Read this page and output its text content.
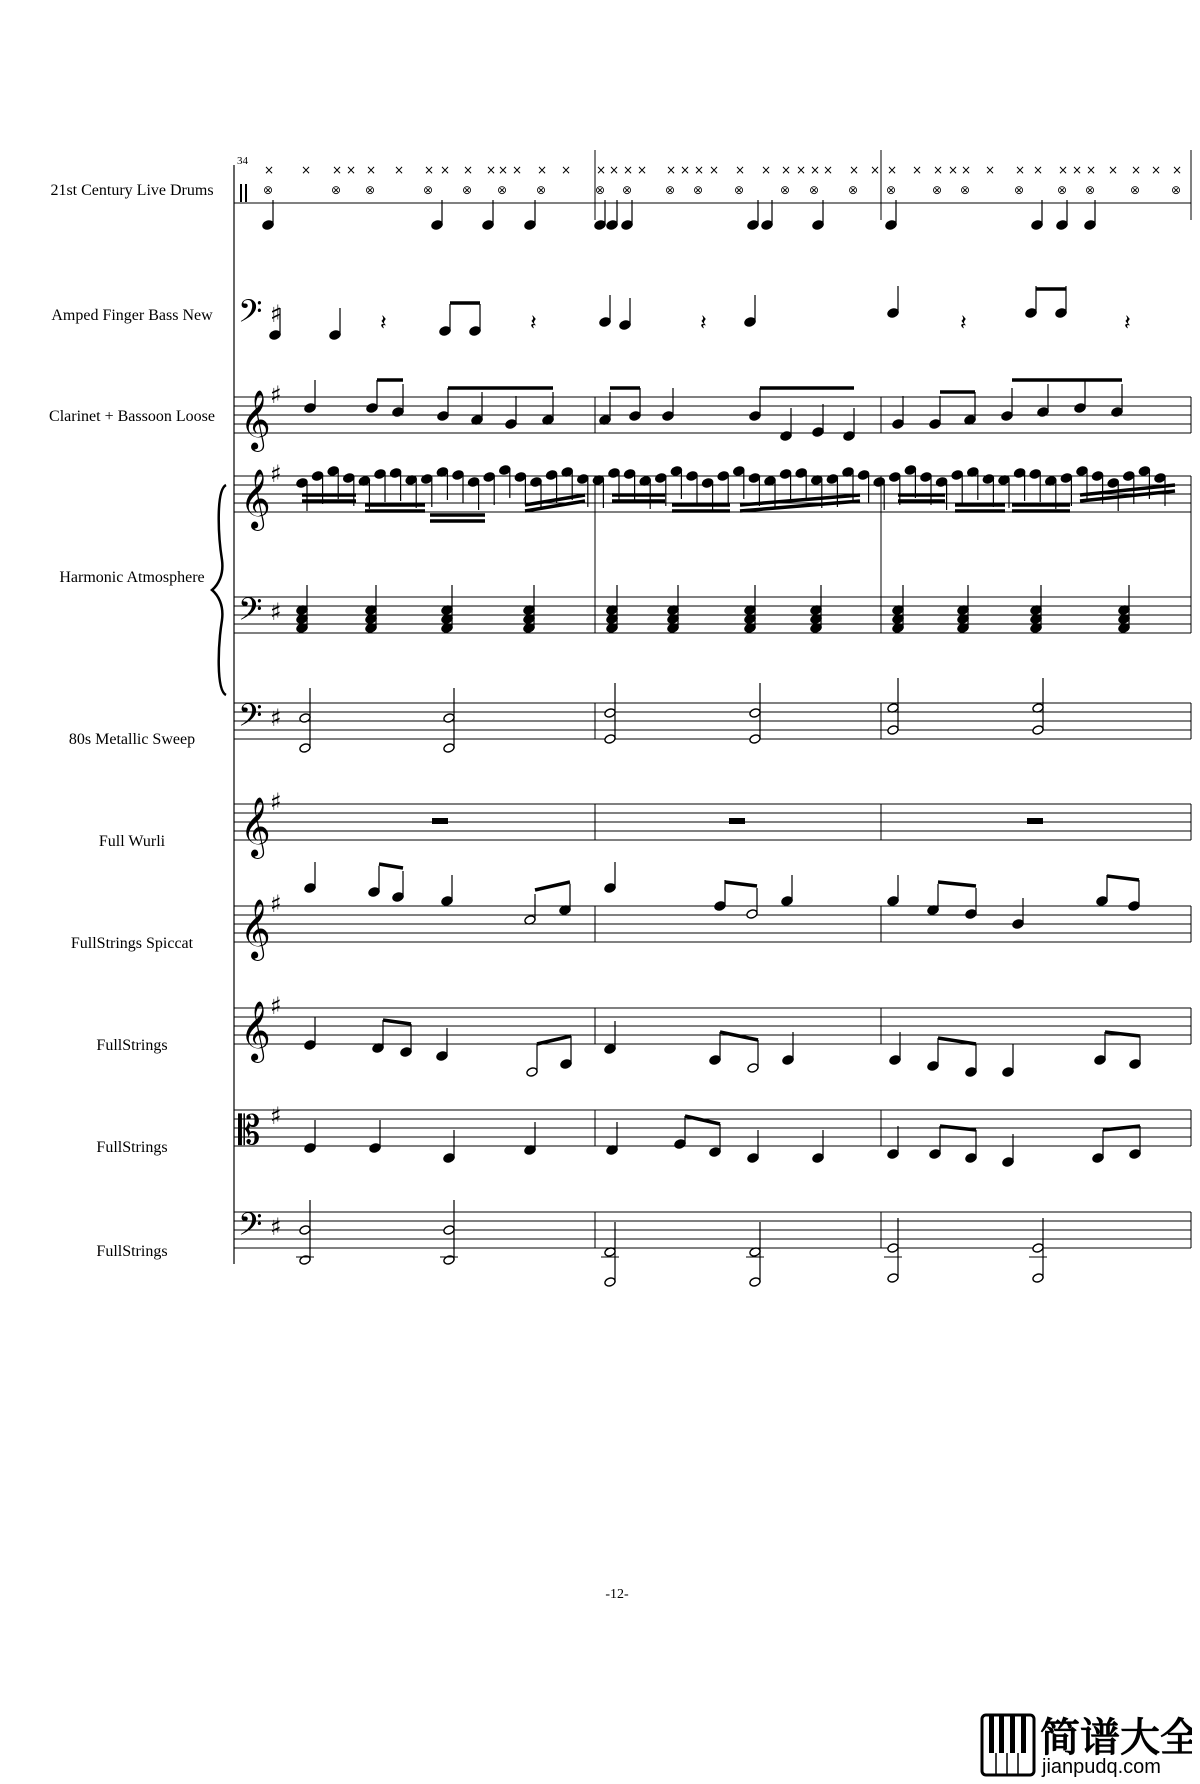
34
21st Century Live Drums
Amped Finger Bass New
Clarinet + Bassoon Loose
Harmonic Atmosphere
80s Metallic Sweep
Full Wurli
FullStrings Spiccat
FullStrings
FullStrings
FullStrings
𝄢 ♯
𝄞 ♯
𝄞 ♯
𝄢 ♯
𝄢 ♯
𝄞 ♯
𝄞 ♯
𝄞 ♯
𝄡 ♯
𝄢 ♯
×
⊗
× ×
⊗
× ×
⊗
× ×
⊗
× ×
⊗
× ×
⊗
× ×
⊗
× ×
⊗
× ×
⊗
× ×
⊗
× ×
⊗
× ×
⊗
× ×
⊗
× ×
⊗
× ×
⊗
× ×
⊗
× ×
⊗
× ×
⊗
× ×
⊗
× ×
⊗
× ×
⊗
× ×
⊗
× ×
⊗
𝄽	𝄽	𝄽	𝄽	𝄽
-12-
简谱大全
jianpudq.com
